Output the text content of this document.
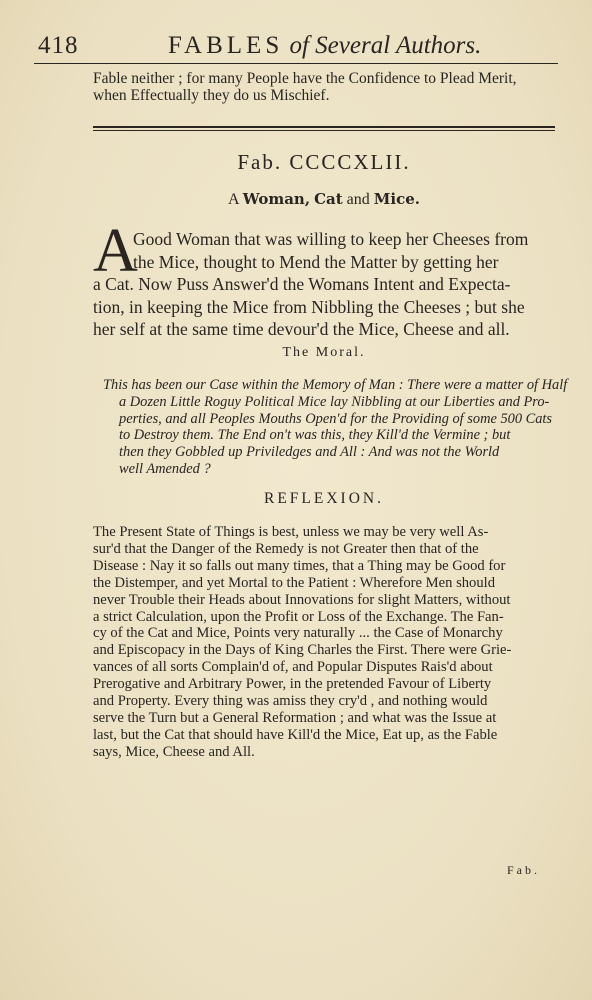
418	FABLES of Several Authors.
Fable neither ; for many People have the Confidence to Plead Merit,
when Effectually they do us Mischief.
Fab. CCCCXLII.
A Woman, Cat and Mice.
A
Good Woman that was willing to keep her Cheeses from
the Mice, thought to Mend the Matter by getting her
a Cat. Now Puss Answer'd the Womans Intent and Expecta-
tion, in keeping the Mice from Nibbling the Cheeses ; but she
her self at the same time devour'd the Mice, Cheese and all.
The Moral.
This has been our Case within the Memory of Man : There were a matter of Half
a Dozen Little Roguy Political Mice lay Nibbling at our Liberties and Pro-
perties, and all Peoples Mouths Open'd for the Providing of some 500 Cats
to Destroy them. The End on't was this, they Kill'd the Vermine ; but
then they Gobbled up Priviledges and All : And was not the World
well Amended ?
REFLEXION.
The Present State of Things is best, unless we may be very well As-
sur'd that the Danger of the Remedy is not Greater then that of the
Disease : Nay it so falls out many times, that a Thing may be Good for
the Distemper, and yet Mortal to the Patient : Wherefore Men should
never Trouble their Heads about Innovations for slight Matters, without
a strict Calculation, upon the Profit or Loss of the Exchange. The Fan-
cy of the Cat and Mice, Points very naturally ... the Case of Monarchy
and Episcopacy in the Days of King Charles the First. There were Grie-
vances of all sorts Complain'd of, and Popular Disputes Rais'd about
Prerogative and Arbitrary Power, in the pretended Favour of Liberty
and Property. Every thing was amiss they cry'd , and nothing would
serve the Turn but a General Reformation ; and what was the Issue at
last, but the Cat that should have Kill'd the Mice, Eat up, as the Fable
says, Mice, Cheese and All.
Fab.
